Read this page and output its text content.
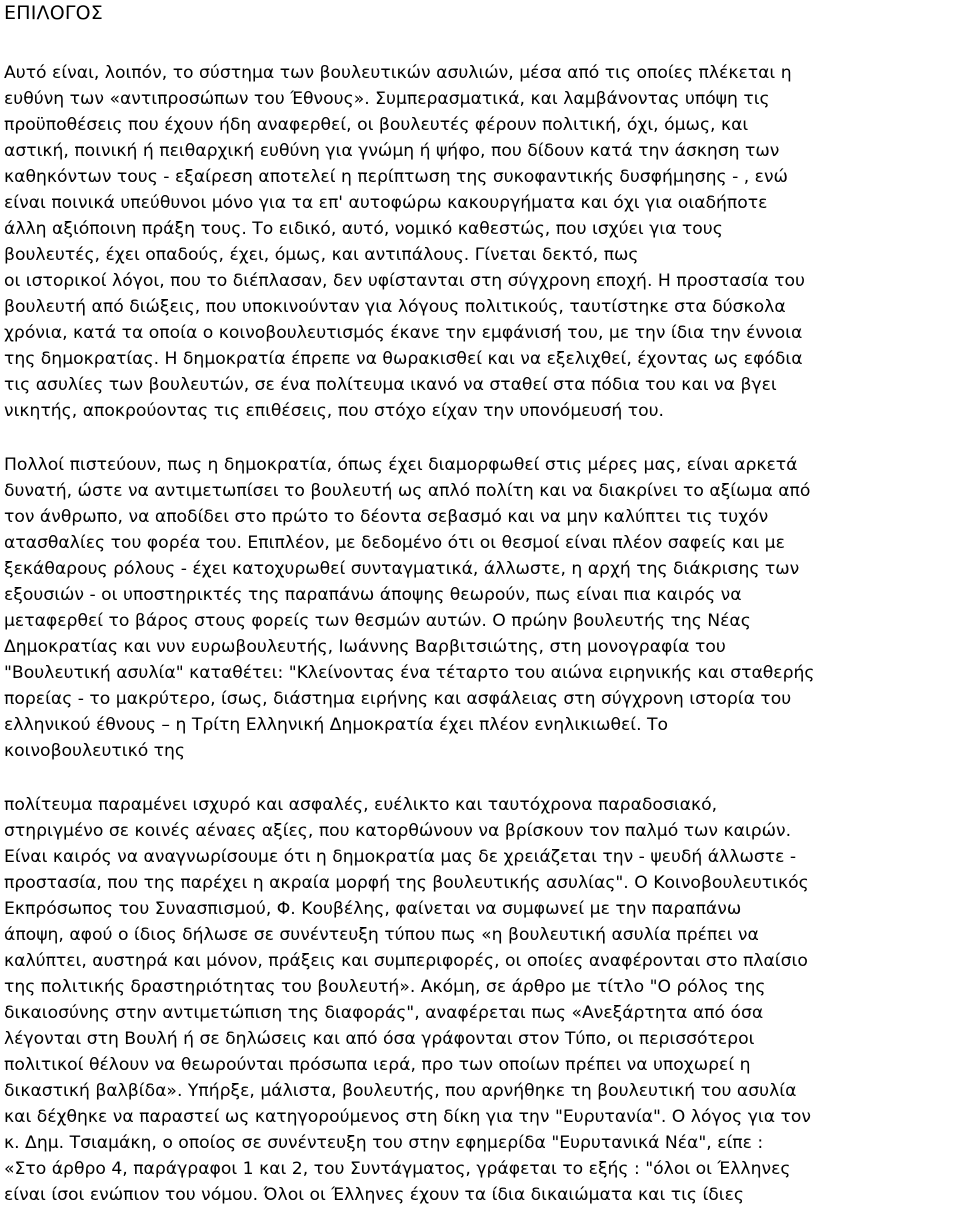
ΕΠΙΛΟΓΟΣ
Αυτό είναι, λοιπόν, το σύστημα των βουλευτικών ασυλιών, μέσα από τις οποίες πλέκεται η
ευθύνη των «αντιπροσώπων του Έθνους». Συμπερασματικά, και λαμβάνοντας υπόψη τις
προϋποθέσεις που έχουν ήδη αναφερθεί, οι βουλευτές φέρουν πολιτική, όχι, όμως, και
αστική, ποινική ή πειθαρχική ευθύνη για γνώμη ή ψήφο, που δίδουν κατά την άσκηση των
καθηκόντων τους - εξαίρεση αποτελεί η περίπτωση της συκοφαντικής δυσφήμησης - , ενώ
είναι ποινικά υπεύθυνοι μόνο για τα επ' αυτοφώρω κακουργήματα και όχι για οιαδήποτε
άλλη αξιόποινη πράξη τους. Το ειδικό, αυτό, νομικό καθεστώς, που ισχύει για τους
βουλευτές, έχει οπαδούς, έχει, όμως, και αντιπάλους. Γίνεται δεκτό, πως
οι ιστορικοί λόγοι, που το διέπλασαν, δεν υφίστανται στη σύγχρονη εποχή. Η προστασία του
βουλευτή από διώξεις, που υποκινούνταν για λόγους πολιτικούς, ταυτίστηκε στα δύσκολα
χρόνια, κατά τα οποία ο κοινοβουλευτισμός έκανε την εμφάνισή του, με την ίδια την έννοια
της δημοκρατίας. Η δημοκρατία έπρεπε να θωρακισθεί και να εξελιχθεί, έχοντας ως εφόδια
τις ασυλίες των βουλευτών, σε ένα πολίτευμα ικανό να σταθεί στα πόδια του και να βγει
νικητής, αποκρούοντας τις επιθέσεις, που στόχο είχαν την υπονόμευσή του.
Πολλοί πιστεύουν, πως η δημοκρατία, όπως έχει διαμορφωθεί στις μέρες μας, είναι αρκετά
δυνατή, ώστε να αντιμετωπίσει το βουλευτή ως απλό πολίτη και να διακρίνει το αξίωμα από
τον άνθρωπο, να αποδίδει στο πρώτο το δέοντα σεβασμό και να μην καλύπτει τις τυχόν
ατασθαλίες του φορέα του. Επιπλέον, με δεδομένο ότι οι θεσμοί είναι πλέον σαφείς και με
ξεκάθαρους ρόλους - έχει κατοχυρωθεί συνταγματικά, άλλωστε, η αρχή της διάκρισης των
εξουσιών - οι υποστηρικτές της παραπάνω άποψης θεωρούν, πως είναι πια καιρός να
μεταφερθεί το βάρος στους φορείς των θεσμών αυτών. Ο πρώην βουλευτής της Νέας
Δημοκρατίας και νυν ευρωβουλευτής, Ιωάννης Βαρβιτσιώτης, στη μονογραφία του
"Βουλευτική ασυλία" καταθέτει: "Κλείνοντας ένα τέταρτο του αιώνα ειρηνικής και σταθερής
πορείας - το μακρύτερο, ίσως, διάστημα ειρήνης και ασφάλειας στη σύγχρονη ιστορία του
ελληνικού έθνους – η Τρίτη Ελληνική Δημοκρατία έχει πλέον ενηλικιωθεί. Το
κοινοβουλευτικό της
πολίτευμα παραμένει ισχυρό και ασφαλές, ευέλικτο και ταυτόχρονα παραδοσιακό,
στηριγμένο σε κοινές αέναες αξίες, που κατορθώνουν να βρίσκουν τον παλμό των καιρών.
Είναι καιρός να αναγνωρίσουμε ότι η δημοκρατία μας δε χρειάζεται την - ψευδή άλλωστε -
προστασία, που της παρέχει η ακραία μορφή της βουλευτικής ασυλίας". Ο Κοινοβουλευτικός
Εκπρόσωπος του Συνασπισμού, Φ. Κουβέλης, φαίνεται να συμφωνεί με την παραπάνω
άποψη, αφού ο ίδιος δήλωσε σε συνέντευξη τύπου πως «η βουλευτική ασυλία πρέπει να
καλύπτει, αυστηρά και μόνον, πράξεις και συμπεριφορές, οι οποίες αναφέρονται στο πλαίσιο
της πολιτικής δραστηριότητας του βουλευτή». Ακόμη, σε άρθρο με τίτλο "Ο ρόλος της
δικαιοσύνης στην αντιμετώπιση της διαφοράς", αναφέρεται πως «Ανεξάρτητα από όσα
λέγονται στη Βουλή ή σε δηλώσεις και από όσα γράφονται στον Τύπο, οι περισσότεροι
πολιτικοί θέλουν να θεωρούνται πρόσωπα ιερά, προ των οποίων πρέπει να υποχωρεί η
δικαστική βαλβίδα». Υπήρξε, μάλιστα, βουλευτής, που αρνήθηκε τη βουλευτική του ασυλία
και δέχθηκε να παραστεί ως κατηγορούμενος στη δίκη για την "Ευρυτανία". Ο λόγος για τον
κ. Δημ. Τσιαμάκη, ο οποίος σε συνέντευξη του στην εφημερίδα "Ευρυτανικά Νέα", είπε :
«Στο άρθρο 4, παράγραφοι 1 και 2, του Συντάγματος, γράφεται το εξής : "όλοι οι Έλληνες
είναι ίσοι ενώπιον του νόμου. Όλοι οι Έλληνες έχουν τα ίδια δικαιώματα και τις ίδιες
